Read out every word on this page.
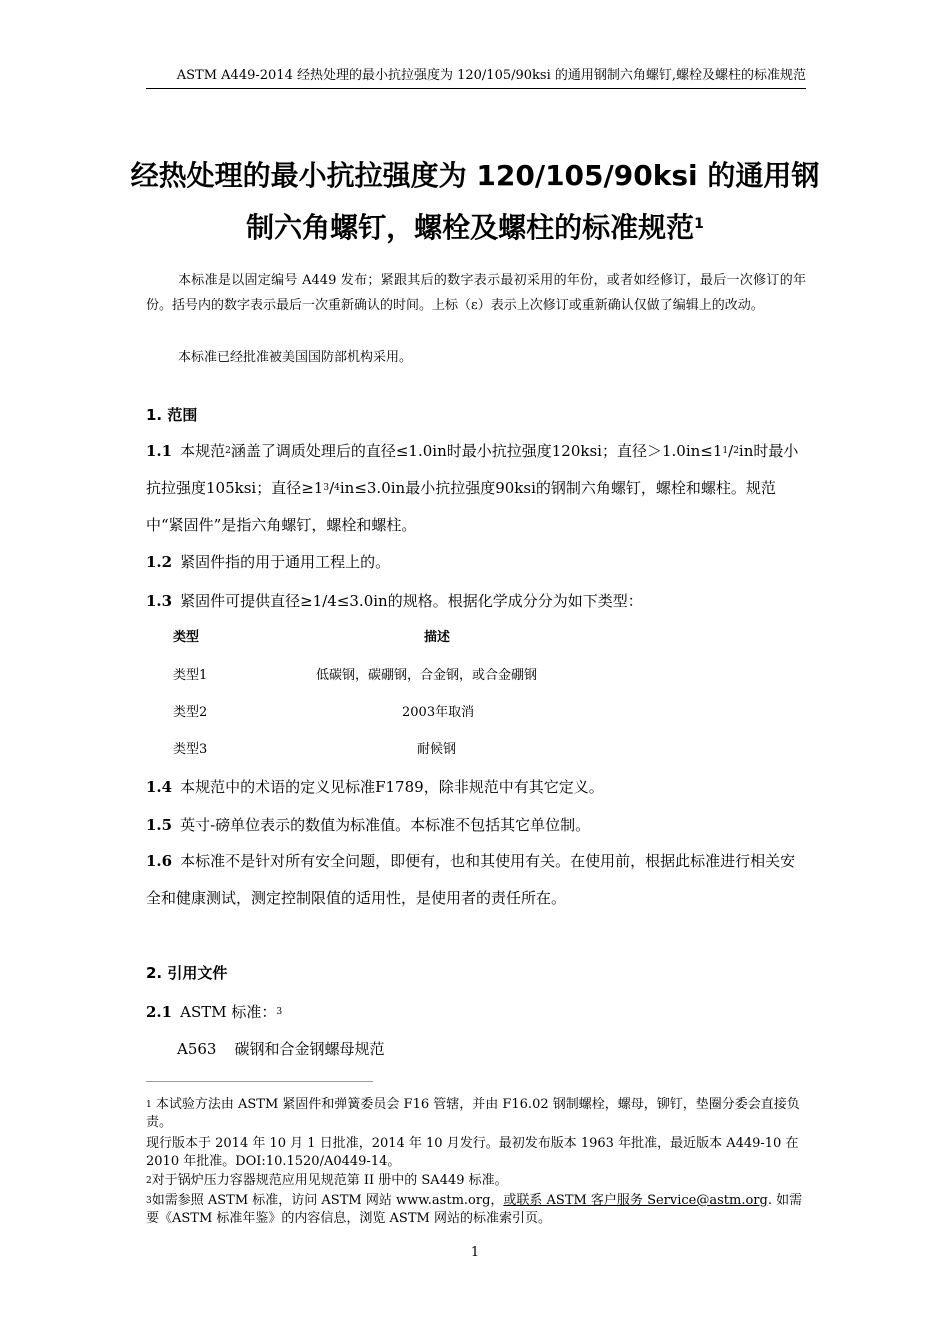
ASTM A449-2014 经热处理的最小抗拉强度为 120/105/90ksi 的通用钢制六角螺钉,螺栓及螺柱的标准规范
经热处理的最小抗拉强度为 120/105/90ksi 的通用钢
制六角螺钉，螺栓及螺柱的标准规范$^1$
本标准是以固定编号 A449 发布；紧跟其后的数字表示最初采用的年份，或者如经修订，最后一次修订的年份。括号内的数字表示最后一次重新确认的时间。上标（ε）表示上次修订或重新确认仅做了编辑上的改动。
本标准已经批准被美国国防部机构采用。
1. 范围
1.1 本规范$^2$涵盖了调质处理后的直径≤1.0in时最小抗拉强度120ksi；直径$>1.0in\le 1^1/2in$时最小抗拉强度105ksi；直径$\ge 1^3/4in\le 3.0in$最小抗拉强度90ksi的钢制六角螺钉，螺栓和螺柱。规范中“紧固件”是指六角螺钉，螺栓和螺柱。
1.2 紧固件指的用于通用工程上的。
1.3 紧固件可提供直径≥1/4≤3.0in的规格。根据化学成分分为如下类型：
类型	描述
类型1	低碳钢，碳硼钢，合金钢，或合金硼钢
类型2	2003年取消
类型3	耐候钢
1.4 本规范中的术语的定义见标准F1789，除非规范中有其它定义。
1.5 英寸-磅单位表示的数值为标准值。本标准不包括其它单位制。
1.6 本标准不是针对所有安全问题，即便有，也和其使用有关。在使用前，根据此标准进行相关安全和健康测试，测定控制限值的适用性，是使用者的责任所在。
2. 引用文件
2.1 ASTM 标准：$^3$
A563 碳钢和合金钢螺母规范
$^1$ 本试验方法由 ASTM 紧固件和弹簧委员会 F16 管辖，并由 F16.02 钢制螺栓，螺母，铆钉，垫圈分委会直接负责。
现行版本于 2014 年 10 月 1 日批准，2014 年 10 月发行。最初发布版本 1963 年批准，最近版本 A449-10 在 2010 年批准。DOI:10.1520/A0449-14。
$^2$对于锅炉压力容器规范应用见规范第 II 册中的 SA449 标准。
$^3$如需参照 ASTM 标准，访问 ASTM 网站 www.astm.org，或联系 ASTM 客户服务 Service@astm.org. 如需要《ASTM 标准年鉴》的内容信息，浏览 ASTM 网站的标准索引页。
1
